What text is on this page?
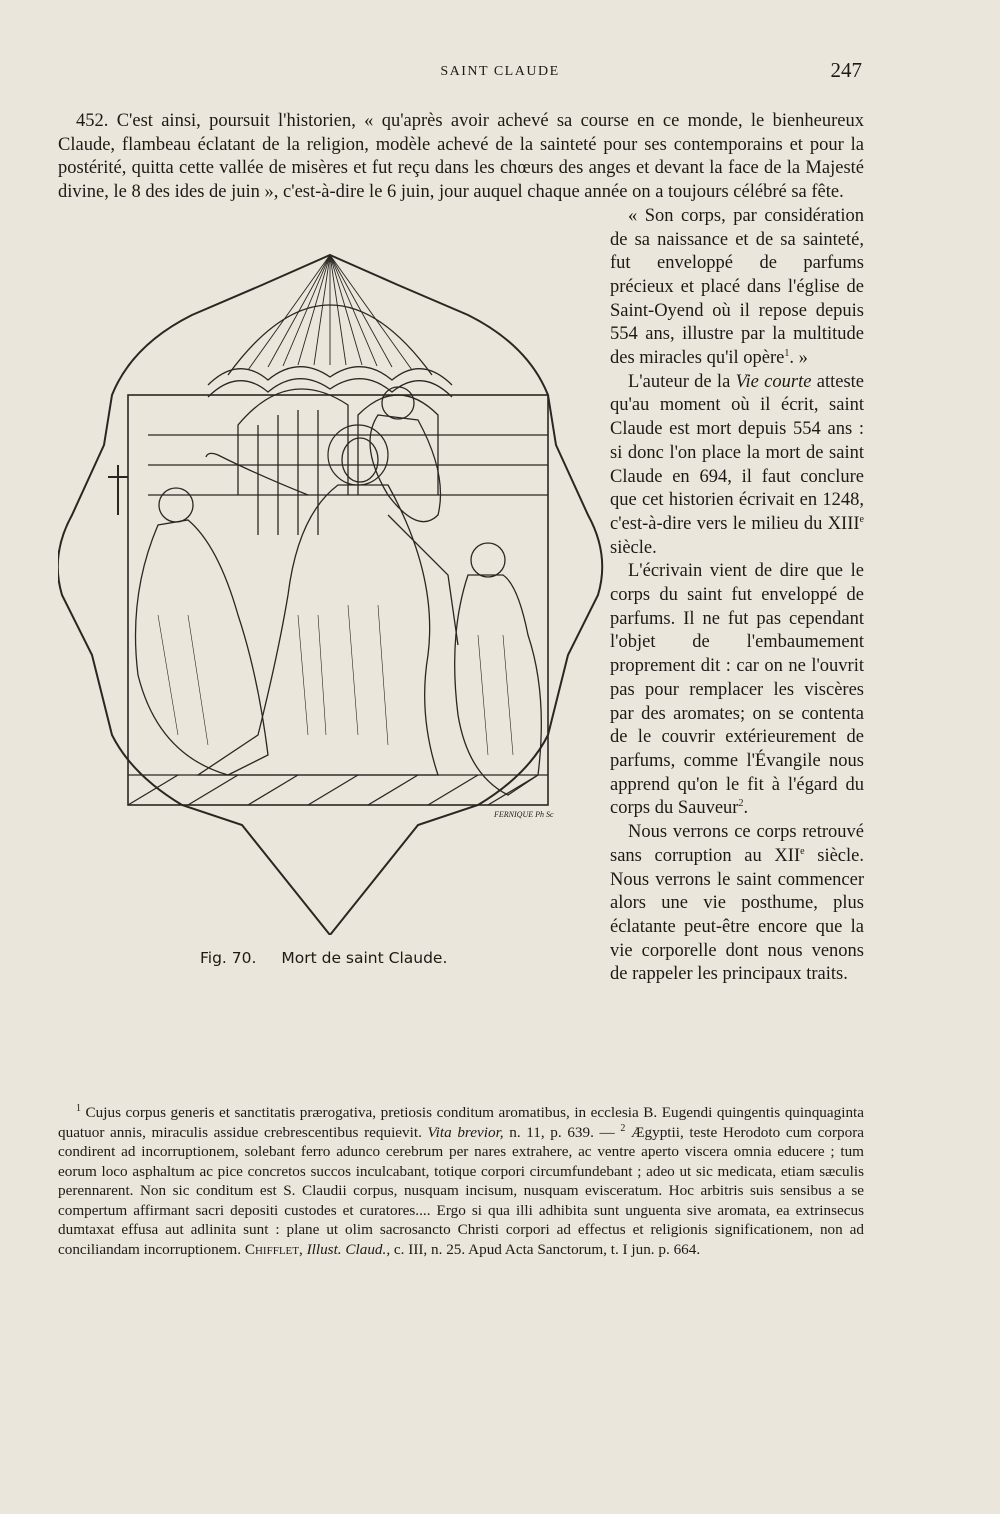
SAINT CLAUDE	247

452. C'est ainsi, poursuit l'historien, « qu'après avoir achevé sa course en ce monde, le bienheureux Claude, flambeau éclatant de la religion, modèle achevé de la sainteté pour ses contemporains et pour la postérité, quitta cette vallée de misères et fut reçu dans les chœurs des anges et devant la face de la Majesté divine, le 8 des ides de juin », c'est-à-dire le 6 juin, jour auquel chaque année on a toujours célébré sa fête.

FERNIQUE Ph Sc
Fig. 70. Mort de saint Claude.

« Son corps, par considération de sa naissance et de sa sainteté, fut enveloppé de parfums précieux et placé dans l'église de Saint-Oyend où il repose depuis 554 ans, illustre par la multitude des miracles qu'il opère$^1$. »

L'auteur de la Vie courte atteste qu'au moment où il écrit, saint Claude est mort depuis 554 ans : si donc l'on place la mort de saint Claude en 694, il faut conclure que cet historien écrivait en 1248, c'est-à-dire vers le milieu du XIIIe siècle.

L'écrivain vient de dire que le corps du saint fut enveloppé de parfums. Il ne fut pas cependant l'objet de l'embaumement proprement dit : car on ne l'ouvrit pas pour remplacer les viscères par des aromates; on se contenta de le couvrir extérieurement de parfums, comme l'Évangile nous apprend qu'on le fit à l'égard du corps du Sauveur$^2$.

Nous verrons ce corps retrouvé sans corruption au XIIe siècle. Nous verrons le saint commencer alors une vie posthume, plus éclatante peut-être encore que la vie corporelle dont nous venons de rappeler les principaux traits.

$^1$ Cujus corpus generis et sanctitatis prærogativa, pretiosis conditum aromatibus, in ecclesia B. Eugendi quingentis quinquaginta quatuor annis, miraculis assidue crebrescentibus requievit. Vita brevior, n. 11, p. 639. — $^2$ Ægyptii, teste Herodoto cum corpora condirent ad incorruptionem, solebant ferro adunco cerebrum per nares extrahere, ac ventre aperto viscera omnia educere ; tum eorum loco asphaltum ac pice concretos succos inculcabant, totique corpori circumfundebant ; adeo ut sic medicata, etiam sæculis perennarent. Non sic conditum est S. Claudii corpus, nusquam incisum, nusquam evisceratum. Hoc arbitris suis sensibus a se compertum affirmant sacri depositi custodes et curatores.... Ergo si qua illi adhibita sunt unguenta sive aromata, ea extrinsecus dumtaxat effusa aut adlinita sunt : plane ut olim sacrosancto Christi corpori ad effectus et religionis significationem, non ad conciliandam incorruptionem. Chifflet, Illust. Claud., c. III, n. 25. Apud Acta Sanctorum, t. I jun. p. 664.
